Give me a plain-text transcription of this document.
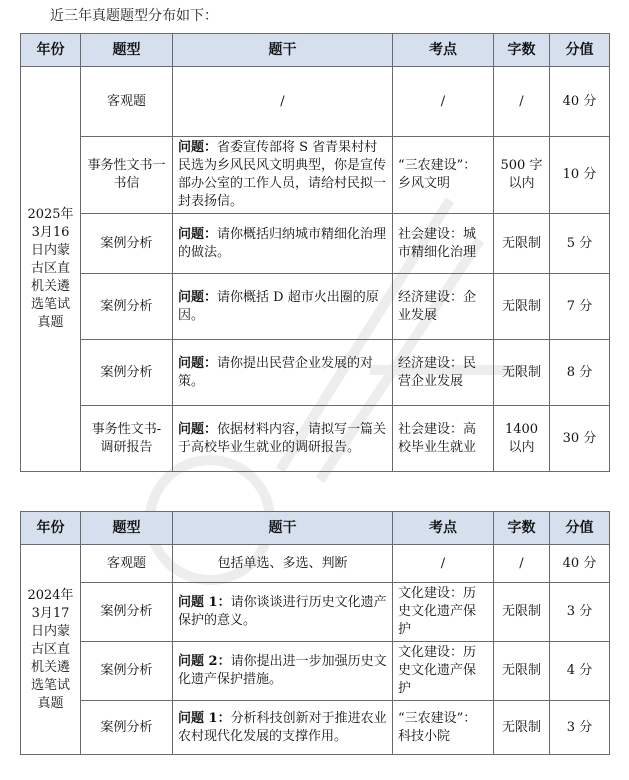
近三年真题题型分布如下：
年份	题型	题干	考点	字数	分值
2025年3月16日内蒙古区直机关遴选笔试真题	客观题	/	/	/	40 分
	事务性文书一书信	问题：省委宣传部将 S 省青果村村民选为乡风民风文明典型，你是宣传部办公室的工作人员，请给村民拟一封表扬信。	“三农建设”：乡风文明	500 字以内	10 分
	案例分析	问题：请你概括归纳城市精细化治理的做法。	社会建设：城市精细化治理	无限制	5 分
	案例分析	问题：请你概括 D 超市火出圈的原因。	经济建设：企业发展	无限制	7 分
	案例分析	问题：请你提出民营企业发展的对策。	经济建设：民营企业发展	无限制	8 分
	事务性文书-调研报告	问题：依据材料内容，请拟写一篇关于高校毕业生就业的调研报告。	社会建设：高校毕业生就业	1400 以内	30 分
年份	题型	题干	考点	字数	分值
2024年3月17日内蒙古区直机关遴选笔试真题	客观题	包括单选、多选、判断	/	/	40 分
	案例分析	问题 1：请你谈谈进行历史文化遗产保护的意义。	文化建设：历史文化遗产保护	无限制	3 分
	案例分析	问题 2：请你提出进一步加强历史文化遗产保护措施。	文化建设：历史文化遗产保护	无限制	4 分
	案例分析	问题 1：分析科技创新对于推进农业农村现代化发展的支撑作用。	“三农建设”：科技小院	无限制	3 分
